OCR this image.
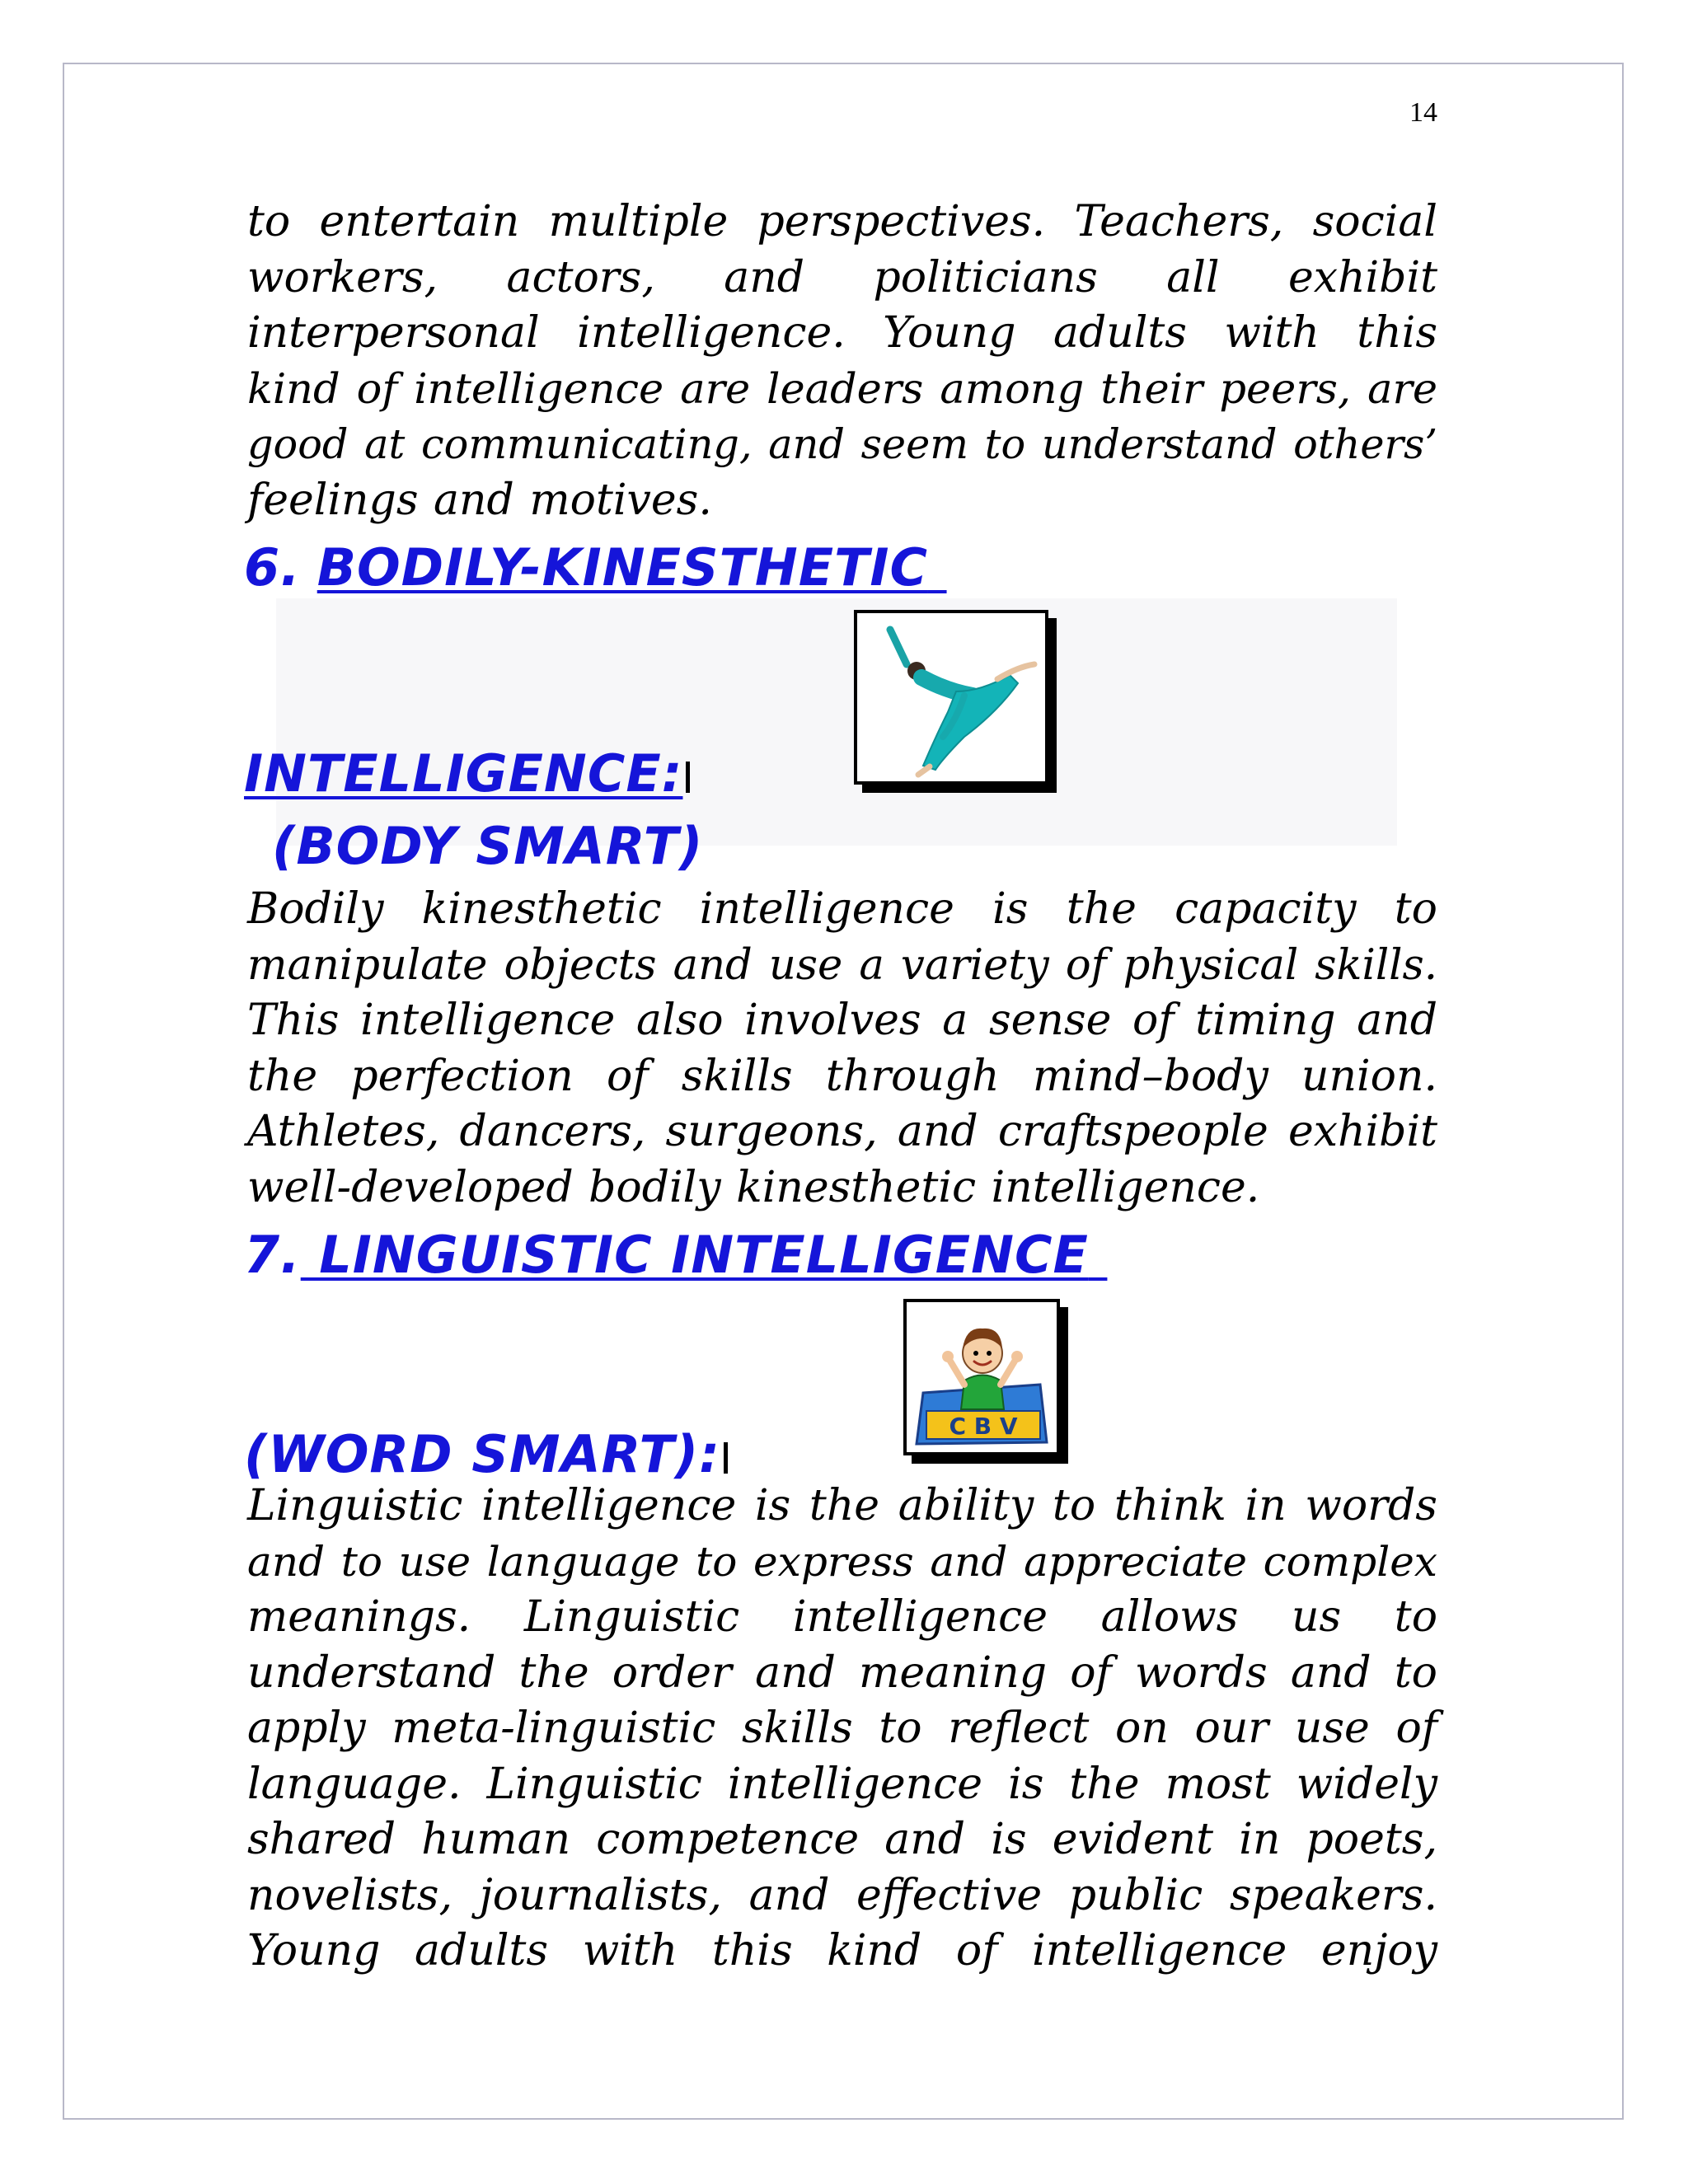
14
to entertain multiple perspectives. Teachers, social
workers, actors, and politicians all exhibit
interpersonal intelligence. Young adults with this
kind of intelligence are leaders among their peers, are
good at communicating, and seem to understand others’
feelings and motives.
6. BODILY-KINESTHETIC
INTELLIGENCE:
(BODY SMART)
Bodily kinesthetic intelligence is the capacity to
manipulate objects and use a variety of physical skills.
This intelligence also involves a sense of timing and
the perfection of skills through mind–body union.
Athletes, dancers, surgeons, and craftspeople exhibit
well-developed bodily kinesthetic intelligence.
7. LINGUISTIC INTELLIGENCE
(WORD SMART):	C B V
Linguistic intelligence is the ability to think in words
and to use language to express and appreciate complex
meanings. Linguistic intelligence allows us to
understand the order and meaning of words and to
apply meta-linguistic skills to reflect on our use of
language. Linguistic intelligence is the most widely
shared human competence and is evident in poets,
novelists, journalists, and effective public speakers.
Young adults with this kind of intelligence enjoy
